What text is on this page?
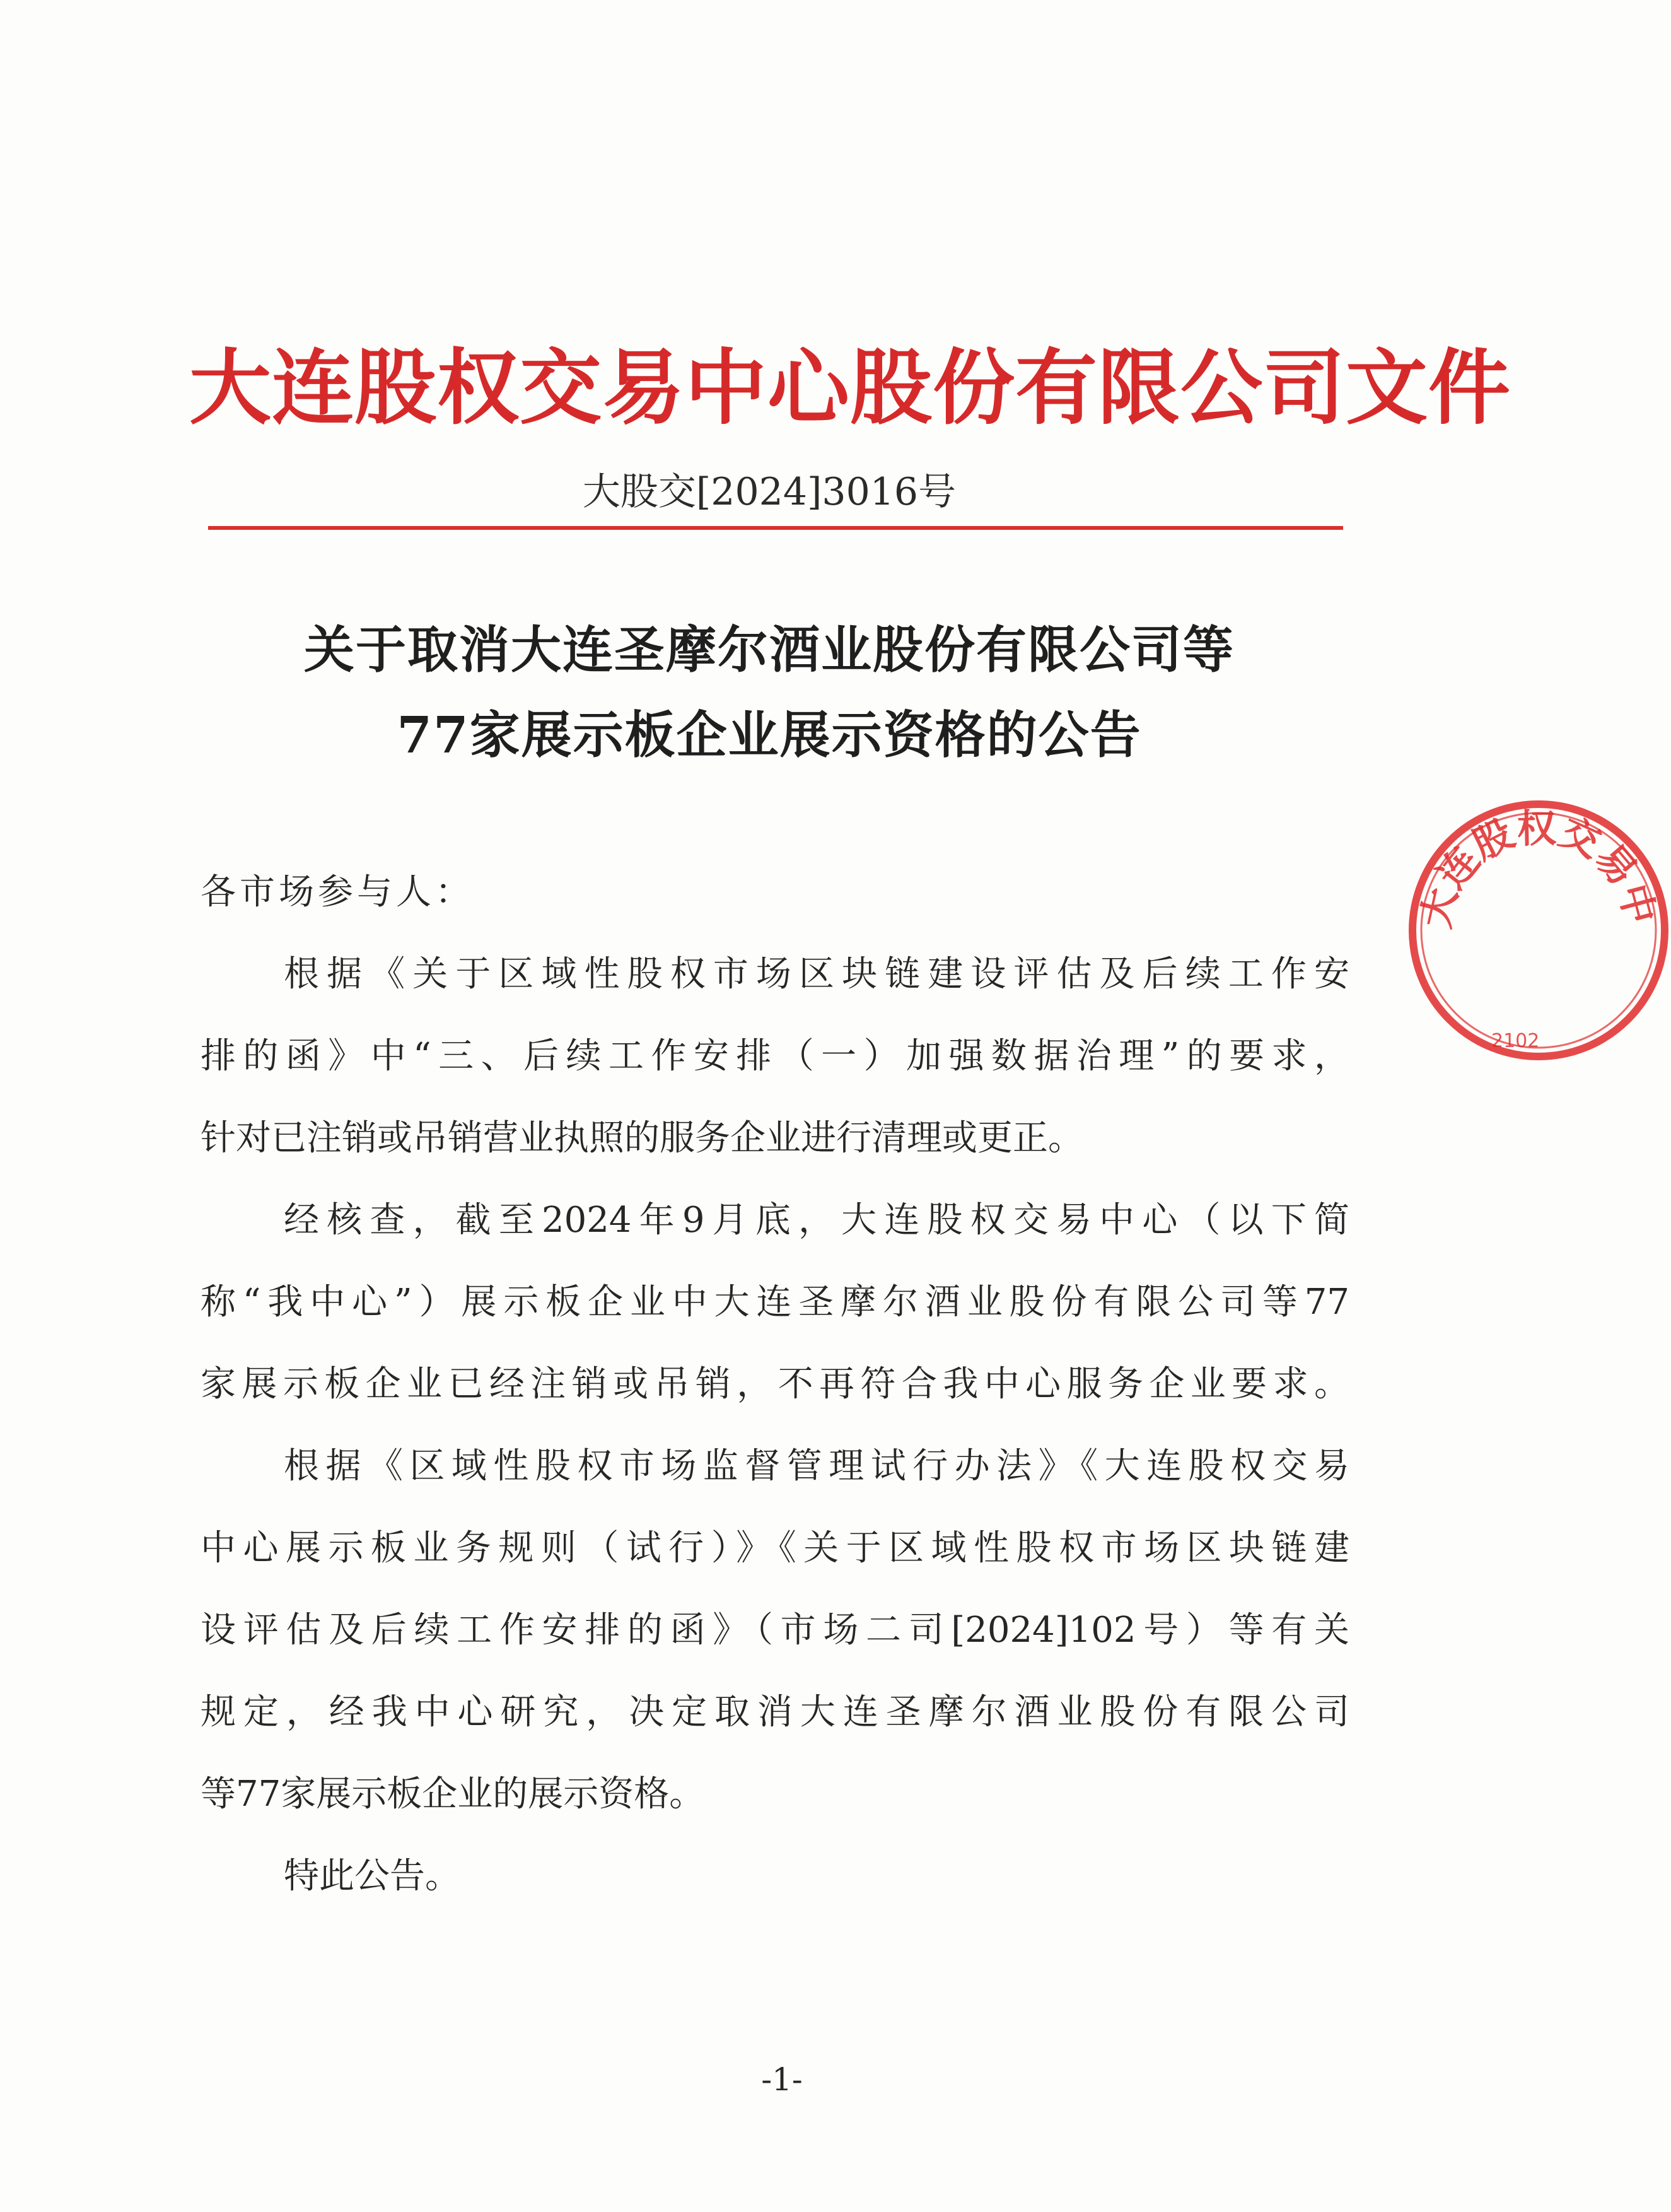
大连股权交易中心股份有限公司文件
大股交[2024]3016号
关于取消大连圣摩尔酒业股份有限公司等
77家展示板企业展示资格的公告
各市场参与人：
根据《关于区域性股权市场区块链建设评估及后续工作安
排的函》中“三、后续工作安排（一）加强数据治理”的要求，
针对已注销或吊销营业执照的服务企业进行清理或更正。
经核查，截至2024年9月底，大连股权交易中心（以下简
称“我中心”）展示板企业中大连圣摩尔酒业股份有限公司等77
家展示板企业已经注销或吊销，不再符合我中心服务企业要求。
根据《区域性股权市场监督管理试行办法》《大连股权交易
中心展示板业务规则（试行）》《关于区域性股权市场区块链建
设评估及后续工作安排的函》（市场二司[2024]102号）等有关
规定，经我中心研究，决定取消大连圣摩尔酒业股份有限公司
等77家展示板企业的展示资格。
特此公告。
大连股权交易中
2102
-1-
